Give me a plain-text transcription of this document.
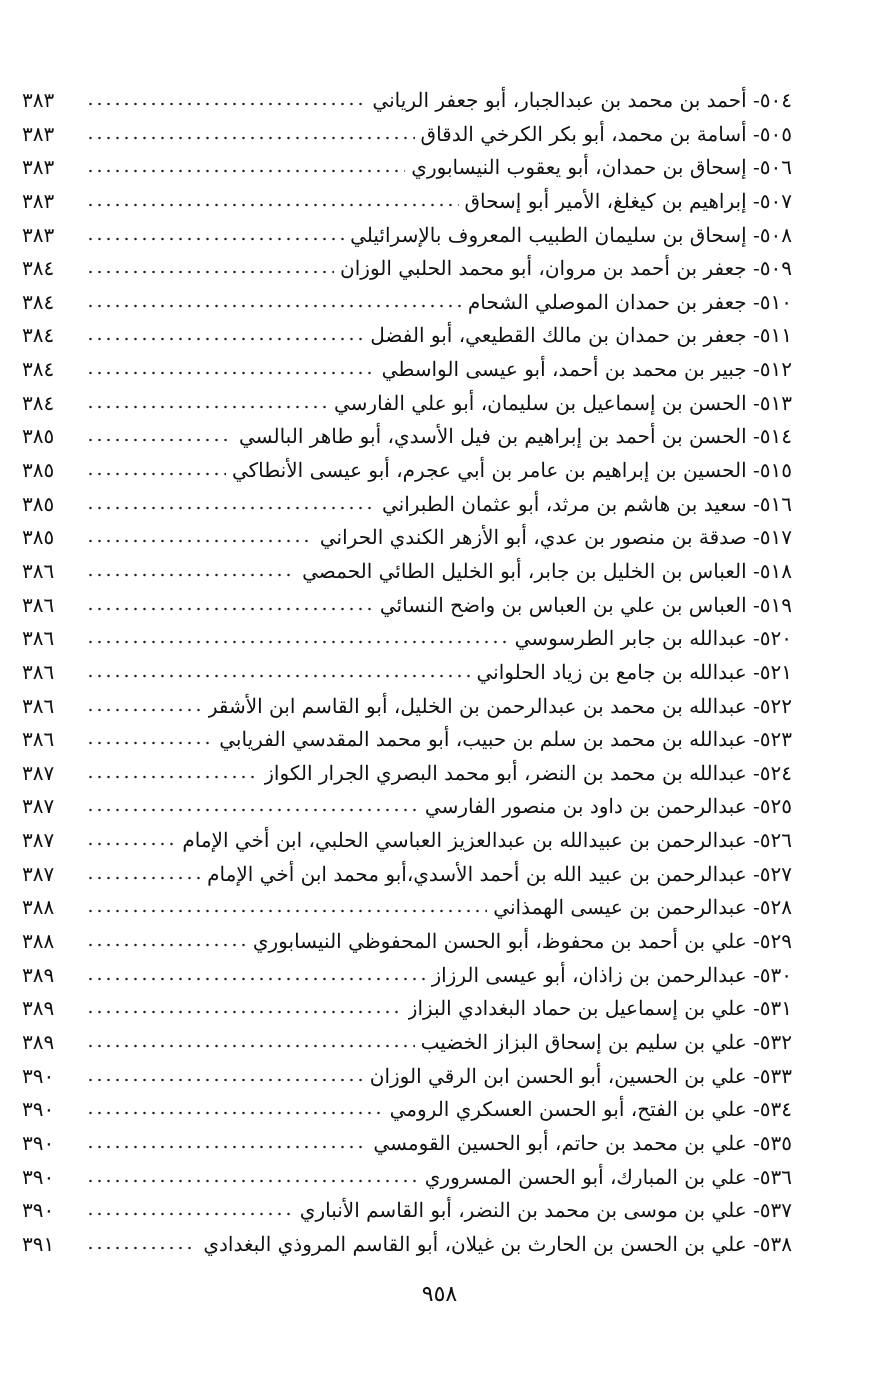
٥٠٤- أحمد بن محمد بن عبدالجبار، أبو جعفر الرياني
٣٨٣
٥٠٥- أسامة بن محمد، أبو بكر الكرخي الدقاق
٣٨٣
٥٠٦- إسحاق بن حمدان، أبو يعقوب النيسابوري
٣٨٣
٥٠٧- إبراهيم بن كيغلغ، الأمير أبو إسحاق
٣٨٣
٥٠٨- إسحاق بن سليمان الطبيب المعروف بالإسرائيلي
٣٨٣
٥٠٩- جعفر بن أحمد بن مروان، أبو محمد الحلبي الوزان
٣٨٤
٥١٠- جعفر بن حمدان الموصلي الشحام
٣٨٤
٥١١- جعفر بن حمدان بن مالك القطيعي، أبو الفضل
٣٨٤
٥١٢- جبير بن محمد بن أحمد، أبو عيسى الواسطي
٣٨٤
٥١٣- الحسن بن إسماعيل بن سليمان، أبو علي الفارسي
٣٨٤
٥١٤- الحسن بن أحمد بن إبراهيم بن فيل الأسدي، أبو طاهر البالسي
٣٨٥
٥١٥- الحسين بن إبراهيم بن عامر بن أبي عجرم، أبو عيسى الأنطاكي
٣٨٥
٥١٦- سعيد بن هاشم بن مرثد، أبو عثمان الطبراني
٣٨٥
٥١٧- صدقة بن منصور بن عدي، أبو الأزهر الكندي الحراني
٣٨٥
٥١٨- العباس بن الخليل بن جابر، أبو الخليل الطائي الحمصي
٣٨٦
٥١٩- العباس بن علي بن العباس بن واضح النسائي
٣٨٦
٥٢٠- عبدالله بن جابر الطرسوسي
٣٨٦
٥٢١- عبدالله بن جامع بن زياد الحلواني
٣٨٦
٥٢٢- عبدالله بن محمد بن عبدالرحمن بن الخليل، أبو القاسم ابن الأشقر
٣٨٦
٥٢٣- عبدالله بن محمد بن سلم بن حبيب، أبو محمد المقدسي الفريابي
٣٨٦
٥٢٤- عبدالله بن محمد بن النضر، أبو محمد البصري الجرار الكواز
٣٨٧
٥٢٥- عبدالرحمن بن داود بن منصور الفارسي
٣٨٧
٥٢٦- عبدالرحمن بن عبيدالله بن عبدالعزيز العباسي الحلبي، ابن أخي الإمام
٣٨٧
٥٢٧- عبدالرحمن بن عبيد الله بن أحمد الأسدي،أبو محمد ابن أخي الإمام
٣٨٧
٥٢٨- عبدالرحمن بن عيسى الهمذاني
٣٨٨
٥٢٩- علي بن أحمد بن محفوظ، أبو الحسن المحفوظي النيسابوري
٣٨٨
٥٣٠- عبدالرحمن بن زاذان، أبو عيسى الرزاز
٣٨٩
٥٣١- علي بن إسماعيل بن حماد البغدادي البزاز
٣٨٩
٥٣٢- علي بن سليم بن إسحاق البزاز الخضيب
٣٨٩
٥٣٣- علي بن الحسين، أبو الحسن ابن الرقي الوزان
٣٩٠
٥٣٤- علي بن الفتح، أبو الحسن العسكري الرومي
٣٩٠
٥٣٥- علي بن محمد بن حاتم، أبو الحسين القومسي
٣٩٠
٥٣٦- علي بن المبارك، أبو الحسن المسروري
٣٩٠
٥٣٧- علي بن موسى بن محمد بن النضر، أبو القاسم الأنباري
٣٩٠
٥٣٨- علي بن الحسن بن الحارث بن غيلان، أبو القاسم المروذي البغدادي
٣٩١
٩٥٨
